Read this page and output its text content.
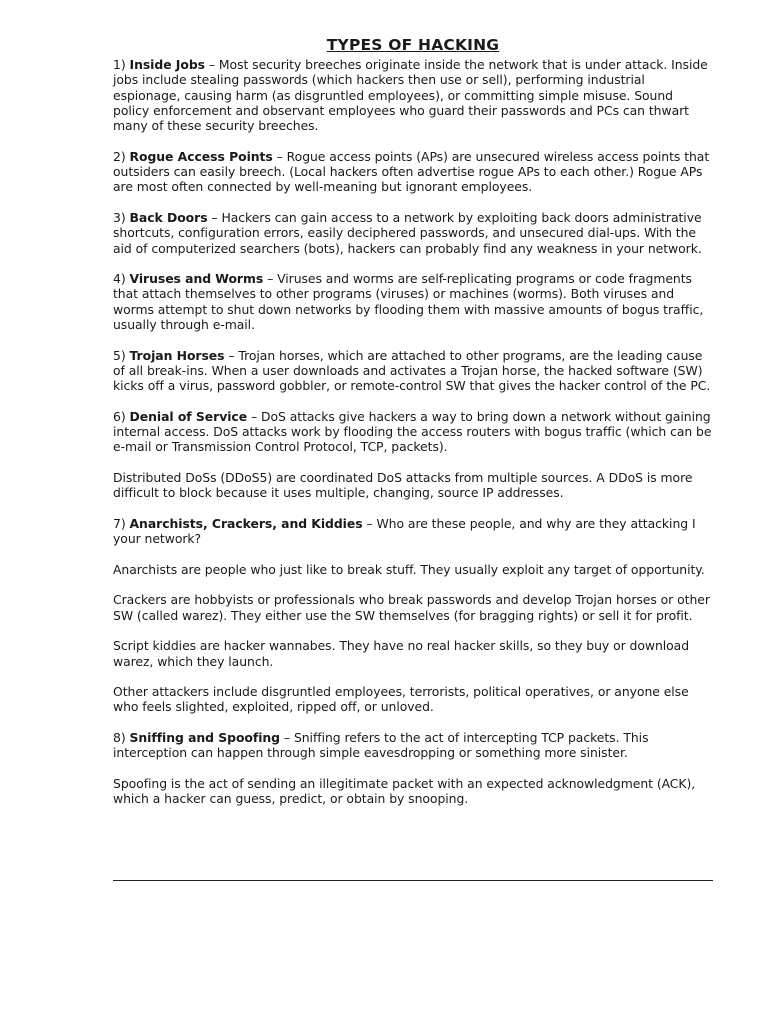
TYPES OF HACKING

1) Inside Jobs – Most security breeches originate inside the network that is under attack. Inside jobs include stealing passwords (which hackers then use or sell), performing industrial espionage, causing harm (as disgruntled employees), or committing simple misuse. Sound policy enforcement and observant employees who guard their passwords and PCs can thwart many of these security breeches.

2) Rogue Access Points – Rogue access points (APs) are unsecured wireless access points that outsiders can easily breech. (Local hackers often advertise rogue APs to each other.) Rogue APs are most often connected by well-meaning but ignorant employees.

3) Back Doors – Hackers can gain access to a network by exploiting back doors administrative shortcuts, configuration errors, easily deciphered passwords, and unsecured dial-ups. With the aid of computerized searchers (bots), hackers can probably find any weakness in your network.

4) Viruses and Worms – Viruses and worms are self-replicating programs or code fragments that attach themselves to other programs (viruses) or machines (worms). Both viruses and worms attempt to shut down networks by flooding them with massive amounts of bogus traffic, usually through e-mail.

5) Trojan Horses – Trojan horses, which are attached to other programs, are the leading cause of all break-ins. When a user downloads and activates a Trojan horse, the hacked software (SW) kicks off a virus, password gobbler, or remote-control SW that gives the hacker control of the PC.

6) Denial of Service – DoS attacks give hackers a way to bring down a network without gaining internal access. DoS attacks work by flooding the access routers with bogus traffic (which can be e-mail or Transmission Control Protocol, TCP, packets).

Distributed DoSs (DDoS5) are coordinated DoS attacks from multiple sources. A DDoS is more difficult to block because it uses multiple, changing, source IP addresses.

7) Anarchists, Crackers, and Kiddies – Who are these people, and why are they attacking I your network?

Anarchists are people who just like to break stuff. They usually exploit any target of opportunity.

Crackers are hobbyists or professionals who break passwords and develop Trojan horses or other SW (called warez). They either use the SW themselves (for bragging rights) or sell it for profit.

Script kiddies are hacker wannabes. They have no real hacker skills, so they buy or download warez, which they launch.

Other attackers include disgruntled employees, terrorists, political operatives, or anyone else who feels slighted, exploited, ripped off, or unloved.

8) Sniffing and Spoofing – Sniffing refers to the act of intercepting TCP packets. This interception can happen through simple eavesdropping or something more sinister.

Spoofing is the act of sending an illegitimate packet with an expected acknowledgment (ACK), which a hacker can guess, predict, or obtain by snooping.
